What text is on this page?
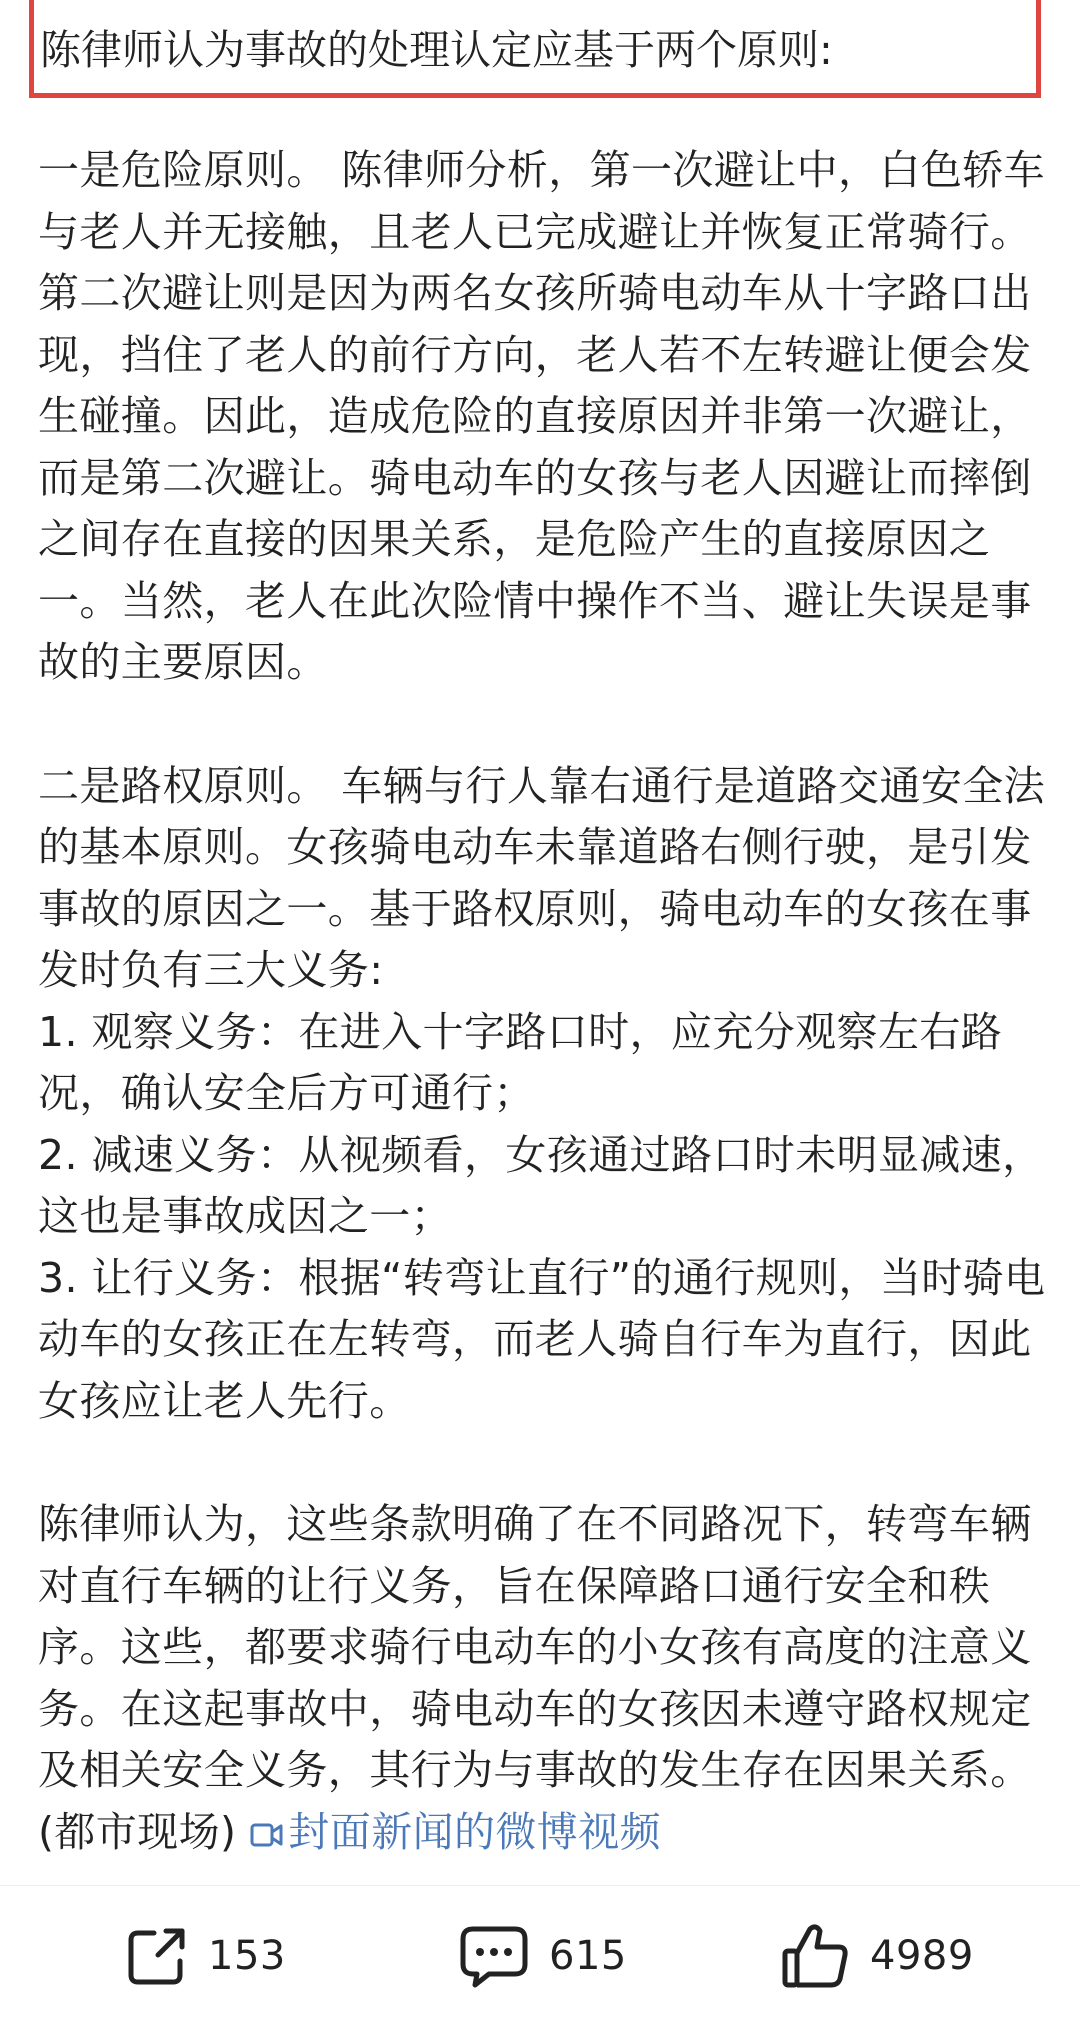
陈律师认为事故的处理认定应基于两个原则:

一是危险原则。 陈律师分析，第一次避让中，白色轿车与老人并无接触，且老人已完成避让并恢复正常骑行。第二次避让则是因为两名女孩所骑电动车从十字路口出现，挡住了老人的前行方向，老人若不左转避让便会发生碰撞。因此，造成危险的直接原因并非第一次避让，而是第二次避让。骑电动车的女孩与老人因避让而摔倒之间存在直接的因果关系，是危险产生的直接原因之一。当然，老人在此次险情中操作不当、避让失误是事故的主要原因。

二是路权原则。 车辆与行人靠右通行是道路交通安全法的基本原则。女孩骑电动车未靠道路右侧行驶，是引发事故的原因之一。基于路权原则，骑电动车的女孩在事发时负有三大义务:

1. 观察义务：在进入十字路口时，应充分观察左右路况，确认安全后方可通行；

2. 减速义务：从视频看，女孩通过路口时未明显减速，这也是事故成因之一；

3. 让行义务：根据“转弯让直行”的通行规则，当时骑电动车的女孩正在左转弯，而老人骑自行车为直行，因此女孩应让老人先行。

陈律师认为，这些条款明确了在不同路况下，转弯车辆对直行车辆的让行义务，旨在保障路口通行安全和秩序。这些，都要求骑行电动车的小女孩有高度的注意义务。在这起事故中，骑电动车的女孩因未遵守路权规定及相关安全义务，其行为与事故的发生存在因果关系。(都市现场) 封面新闻的微博视频

153	615	4989
